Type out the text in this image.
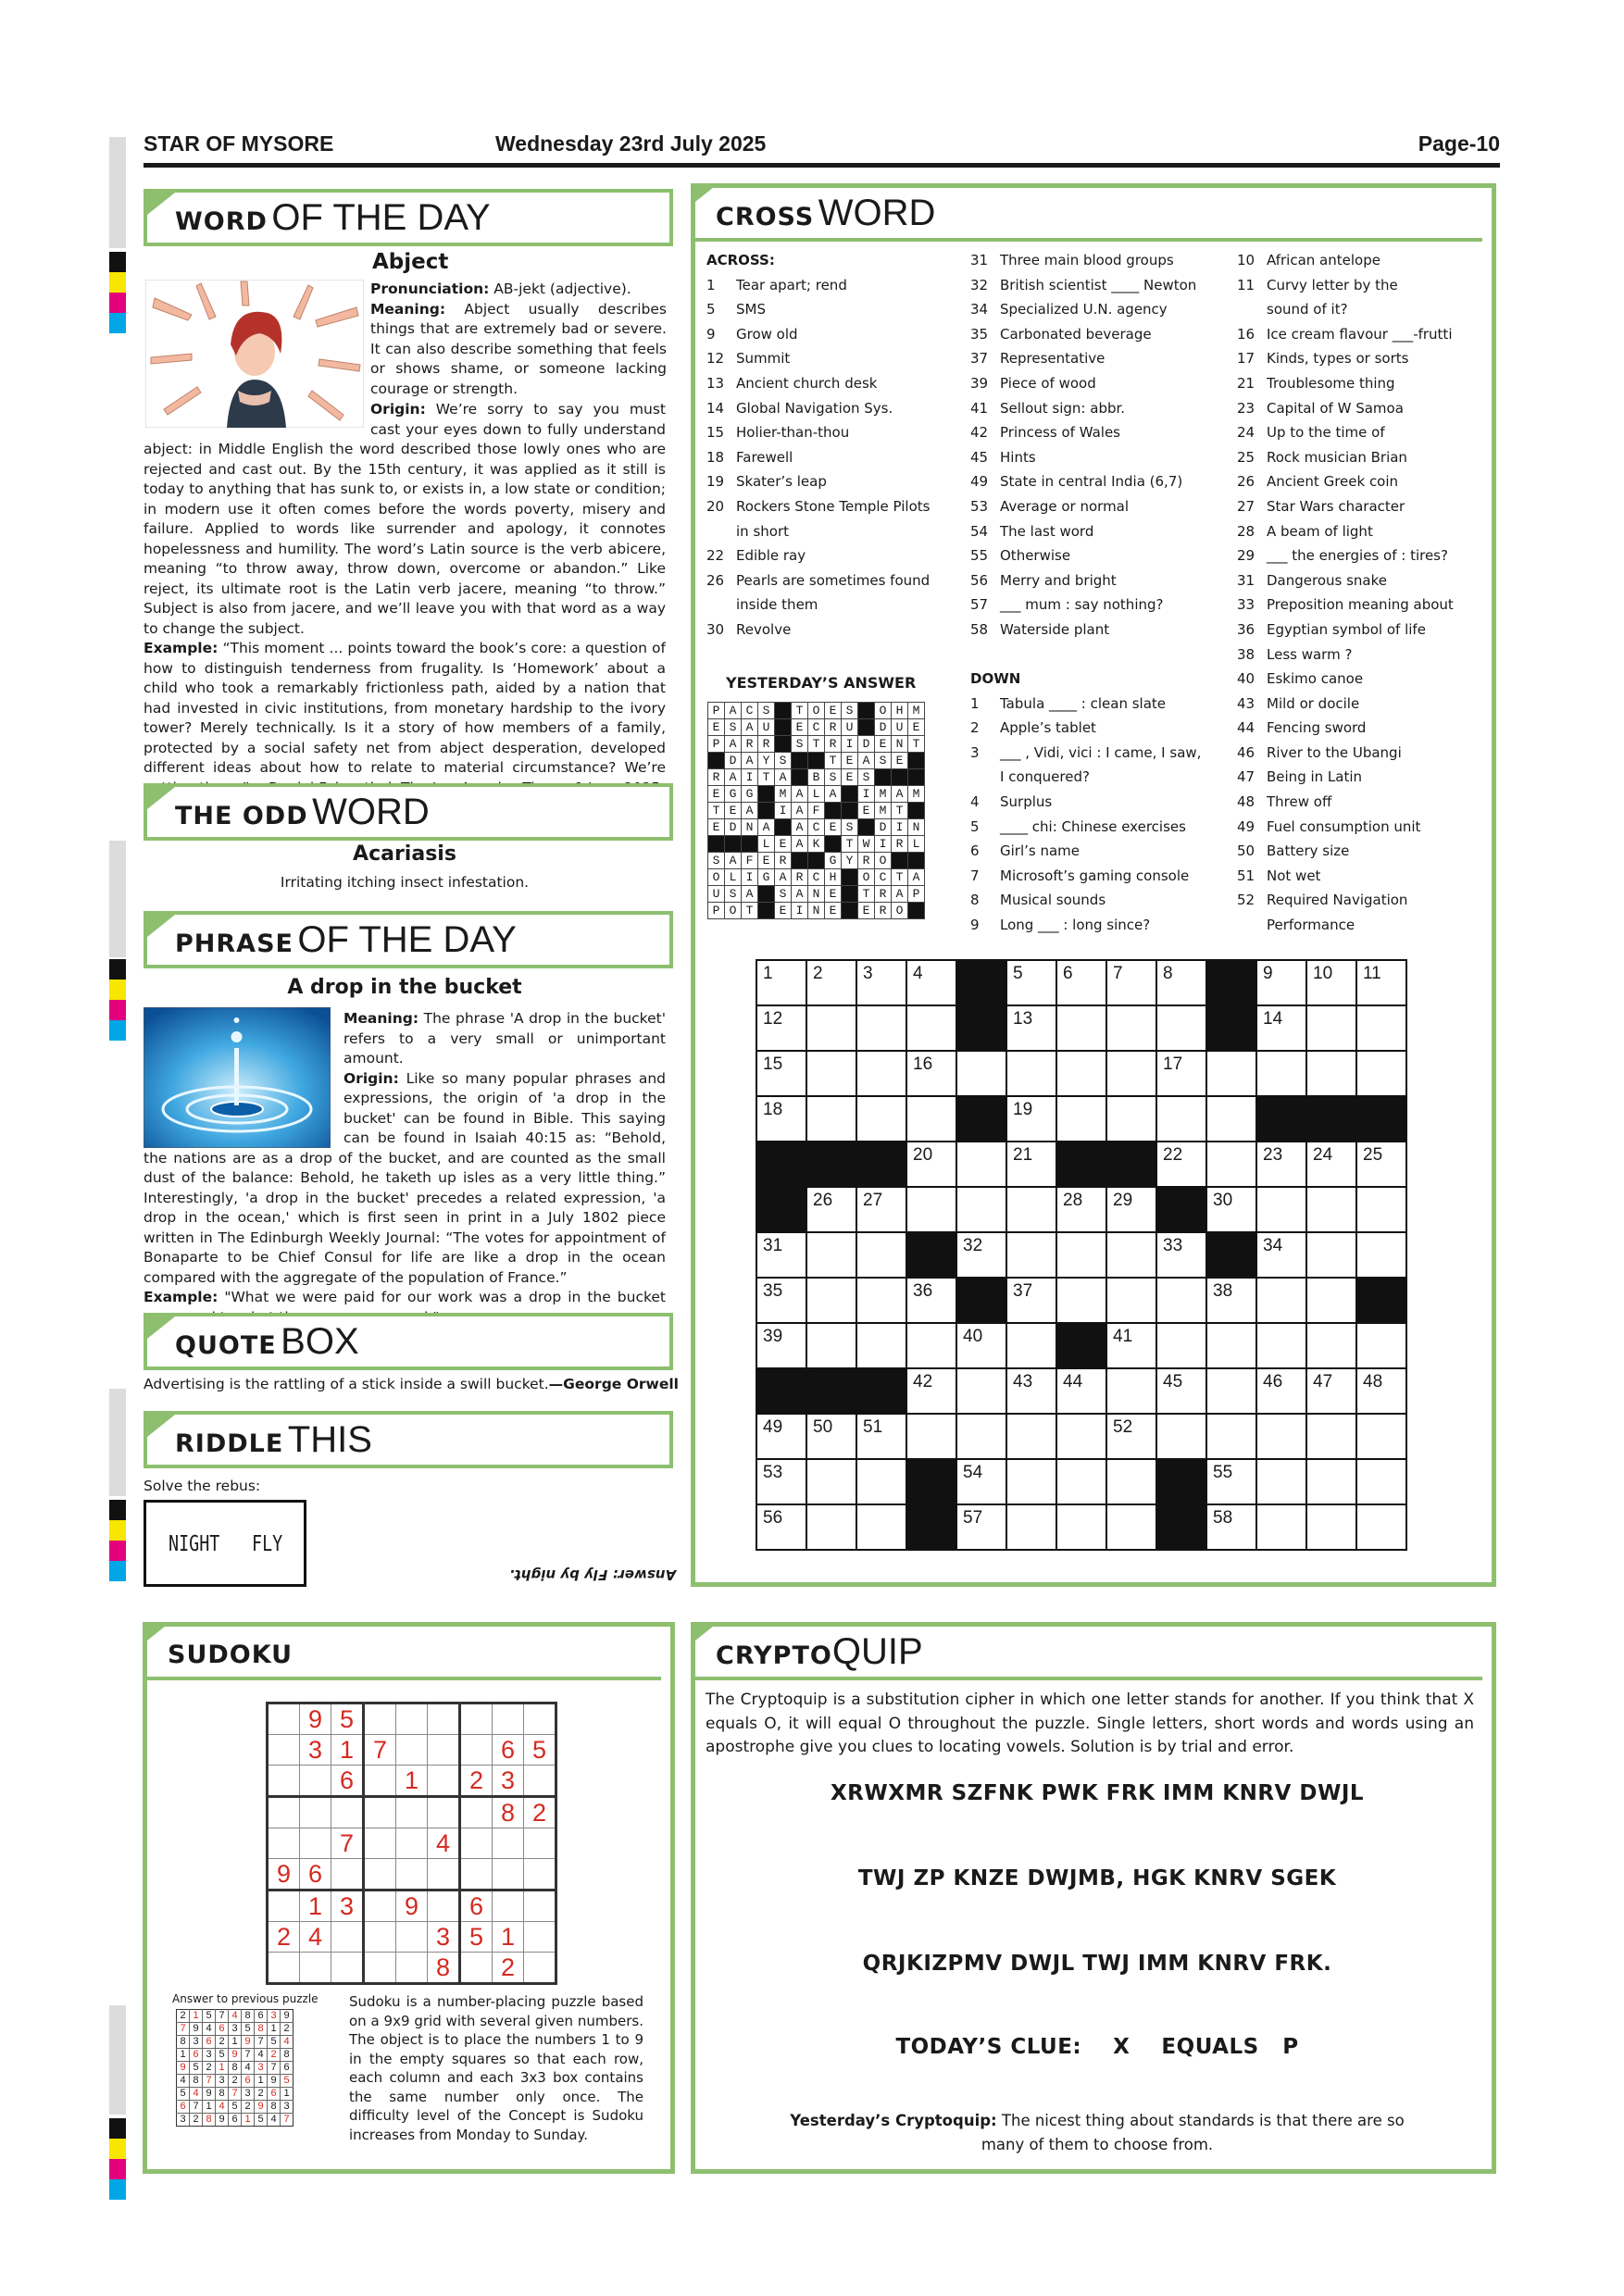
STAR OF MYSORE	Wednesday 23rd July 2025	Page-10
WORD OF THE DAY
Abject
Pronunciation: AB-jekt (adjective).
Meaning: Abject usually describes things that are extremely bad or severe. It can also describe something that feels or shows shame, or someone lacking courage or strength.
Origin: We’re sorry to say you must cast your eyes down to fully understand abject: in Middle English the word described those lowly ones who are rejected and cast out. By the 15th century, it was applied as it still is today to anything that has sunk to, or exists in, a low state or condition; in modern use it often comes before the words poverty, misery and failure. Applied to words like surrender and apology, it connotes hopelessness and humility. The word’s Latin source is the verb abicere, meaning “to throw away, throw down, overcome or abandon.” Like reject, its ultimate root is the Latin verb jacere, meaning “to throw.” Subject is also from jacere, and we’ll leave you with that word as a way to change the subject.
Example: “This moment ... points toward the book’s core: a question of how to distinguish tenderness from frugality. Is ‘Homework’ about a child who took a remarkably frictionless path, aided by a nation that had invested in civic institutions, from monetary hardship to the ivory tower? Merely technically. Is it a story of how members of a family, protected by a social safety net from abject desperation, developed different ideas about how to relate to material circumstance? We’re
THE ODD WORD
Acariasis
Irritating itching insect infestation.
PHRASE OF THE DAY
A drop in the bucket
Meaning: The phrase 'A drop in the bucket' refers to a very small or unimportant amount.
Origin: Like so many popular phrases and expressions, the origin of 'a drop in the bucket' can be found in Bible. This saying can be found in Isaiah 40:15 as: “Behold, the nations are as a drop of the bucket, and are counted as the small dust of the balance: Behold, he taketh up isles as a very little thing.” Interestingly, 'a drop in the bucket' precedes a related expression, 'a drop in the ocean,' which is first seen in print in a July 1802 piece written in The Edinburgh Weekly Journal: “The votes for appointment of Bonaparte to be Chief Consul for life are like a drop in the ocean compared with the aggregate of the population of France.”
Example: "What we were paid for our work was a drop in the bucket
QUOTE BOX
Advertising is the rattling of a stick inside a swill bucket.—George Orwell
RIDDLE THIS
Solve the rebus:
NIGHT FLY
Answer: Fly by night.
CROSS WORD
ACROSS:
1	Tear apart; rend
5	SMS
9	Grow old
12 Summit
13 Ancient church desk
14 Global Navigation Sys.
15 Holier-than-thou
18 Farewell
19 Skater’s leap
20 Rockers Stone Temple Pilots
in short
22 Edible ray
26 Pearls are sometimes found
inside them
30 Revolve
31 Three main blood groups
32 British scientist ____ Newton
34 Specialized U.N. agency
35 Carbonated beverage
37 Representative
39 Piece of wood
41 Sellout sign: abbr.
42 Princess of Wales
45 Hints
49 State in central India (6,7)
53 Average or normal
54 The last word
55 Otherwise
56 Merry and bright
57 ___ mum : say nothing?
58 Waterside plant
DOWN
1	Tabula ____ : clean slate
2	Apple’s tablet
3	___ , Vidi, vici : I came, I saw,
I conquered?
4	Surplus
5	____ chi: Chinese exercises
6	Girl’s name
7	Microsoft’s gaming console
8	Musical sounds
9	Long ___ : long since?
10 African antelope
11 Curvy letter by the
sound of it?
16 Ice cream flavour ___-frutti
17 Kinds, types or sorts
21 Troublesome thing
23 Capital of W Samoa
24 Up to the time of
25 Rock musician Brian
26 Ancient Greek coin
27 Star Wars character
28 A beam of light
29 ___ the energies of : tires?
31 Dangerous snake
33 Preposition meaning about
36 Egyptian symbol of life
38 Less warm ?
40 Eskimo canoe
43 Mild or docile
44 Fencing sword
46 River to the Ubangi
47 Being in Latin
48 Threw off
49 Fuel consumption unit
50 Battery size
51 Not wet
52 Required Navigation
Performance
YESTERDAY’S ANSWER
P	A	C	S		T	O	E	S		O	H	M
E	S	A	U		E	C	R	U		D	U	E
P	A	R	R		S	T	R	I	D	E	N	T
	D	A	Y	S			T	E	A	S	E	
R	A	I	T	A		B	S	E	S			
E	G	G		M	A	L	A		I	M	A	M
T	E	A		I	A	F			E	M	T	
E	D	N	A		A	C	E	S		D	I	N
			L	E	A	K		T	W	I	R	L
S	A	F	E	R			G	Y	R	O		
O	L	I	G	A	R	C	H		O	C	T	A
U	S	A		S	A	N	E		T	R	A	P
P	O	T		E	I	N	E		E	R	O	
1	2	3	4		5	6	7	8		9	10	11

12					13					14		

15			16					17				

18					19							

			20		21			22		23	24	25

	26	27				28	29		30			

31				32				33		34		

35			36		37				38			

39				40			41					

			42		43	44		45		46	47	48

49	50	51					52					

53				54					55			

56				57					58			

SUDOKU
	9	5						
	3	1	7				6	5
		6		1		2	3	
							8	2
		7			4			
9	6							
	1	3		9		6		
2	4				3	5	1	
					8		2	
Answer to previous puzzle
2	1	5	7	4	8	6	3	9
7	9	4	6	3	5	8	1	2
8	3	6	2	1	9	7	5	4
1	6	3	5	9	7	4	2	8
9	5	2	1	8	4	3	7	6
4	8	7	3	2	6	1	9	5
5	4	9	8	7	3	2	6	1
6	7	1	4	5	2	9	8	3
3	2	8	9	6	1	5	4	7
Sudoku is a number-placing puzzle based on a 9x9 grid with several given numbers. The object is to place the numbers 1 to 9 in the empty squares so that each row, each column and each 3x3 box contains the same number only once. The difficulty level of the Concept is Sudoku increases from Monday to Sunday.
CRYPTOQUIP
The Cryptoquip is a substitution cipher in which one letter stands for another. If you think that X equals O, it will equal O throughout the puzzle. Single letters, short words and words using an apostrophe give you clues to locating vowels. Solution is by trial and error.
XRWXMR SZFNK PWK FRK IMM KNRV DWJL
TWJ ZP KNZE DWJMB, HGK KNRV SGEK
QRJKIZPMV DWJL TWJ IMM KNRV FRK.
TODAY’S CLUE:    X    EQUALS   P
Yesterday’s Cryptoquip: The nicest thing about standards is that there are so many of them to choose from.
